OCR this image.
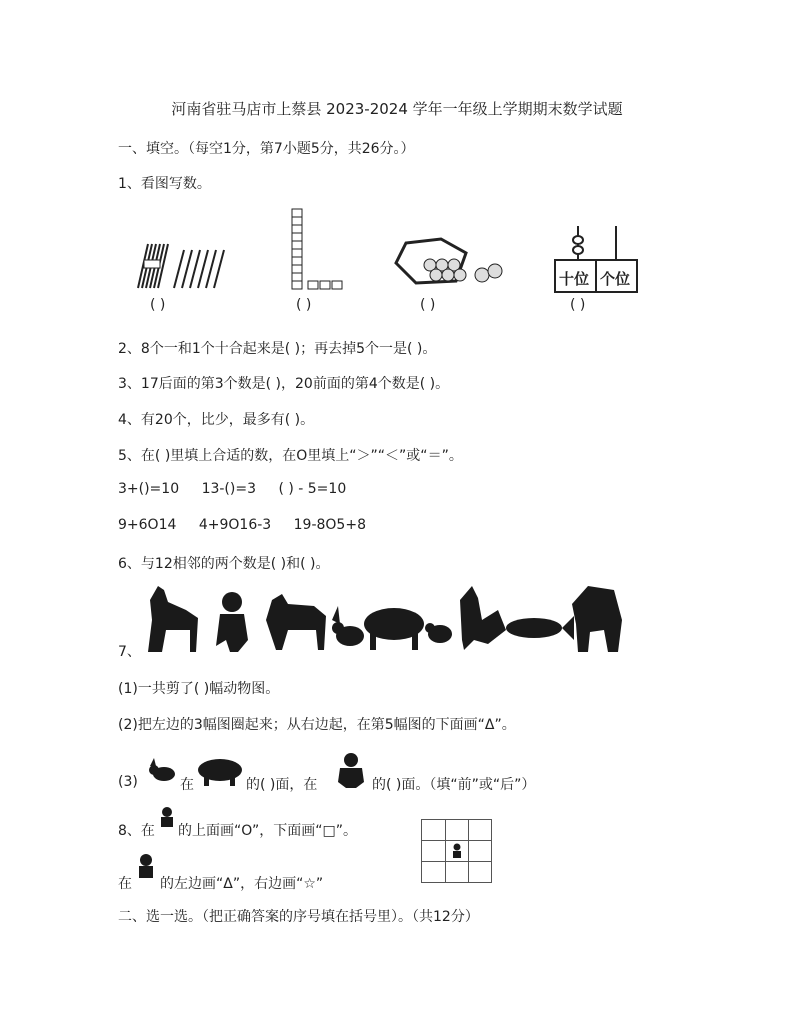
河南省驻马店市上蔡县 2023-2024 学年一年级上学期期末数学试题
一、填空。（每空1分，第7小题5分，共26分。）
1、看图写数。
( )	( )	( )
十位 个位
( )
2、8个一和1个十合起来是( )；再去掉5个一是( )。
3、17后面的第3个数是( )，20前面的第4个数是( )。
4、有20个，比少，最多有( )。
5、在( )里填上合适的数，在O里填上“＞”“＜”或“＝”。
3+()=10 13-()=3 ( ) - 5=10
9+6O14 4+9O16-3 19-8O5+8
6、与12相邻的两个数是( )和( )。
7、
(1)一共剪了( )幅动物图。
(2)把左边的3幅图圈起来；从右边起，在第5幅图的下面画“Δ”。
(3)	在	的( )面，在	的( )面。（填“前”或“后”）
8、在 的上面画“O”，下面画“□”。
在 的左边画“Δ”，右边画“☆”
二、选一选。（把正确答案的序号填在括号里）。（共12分）
